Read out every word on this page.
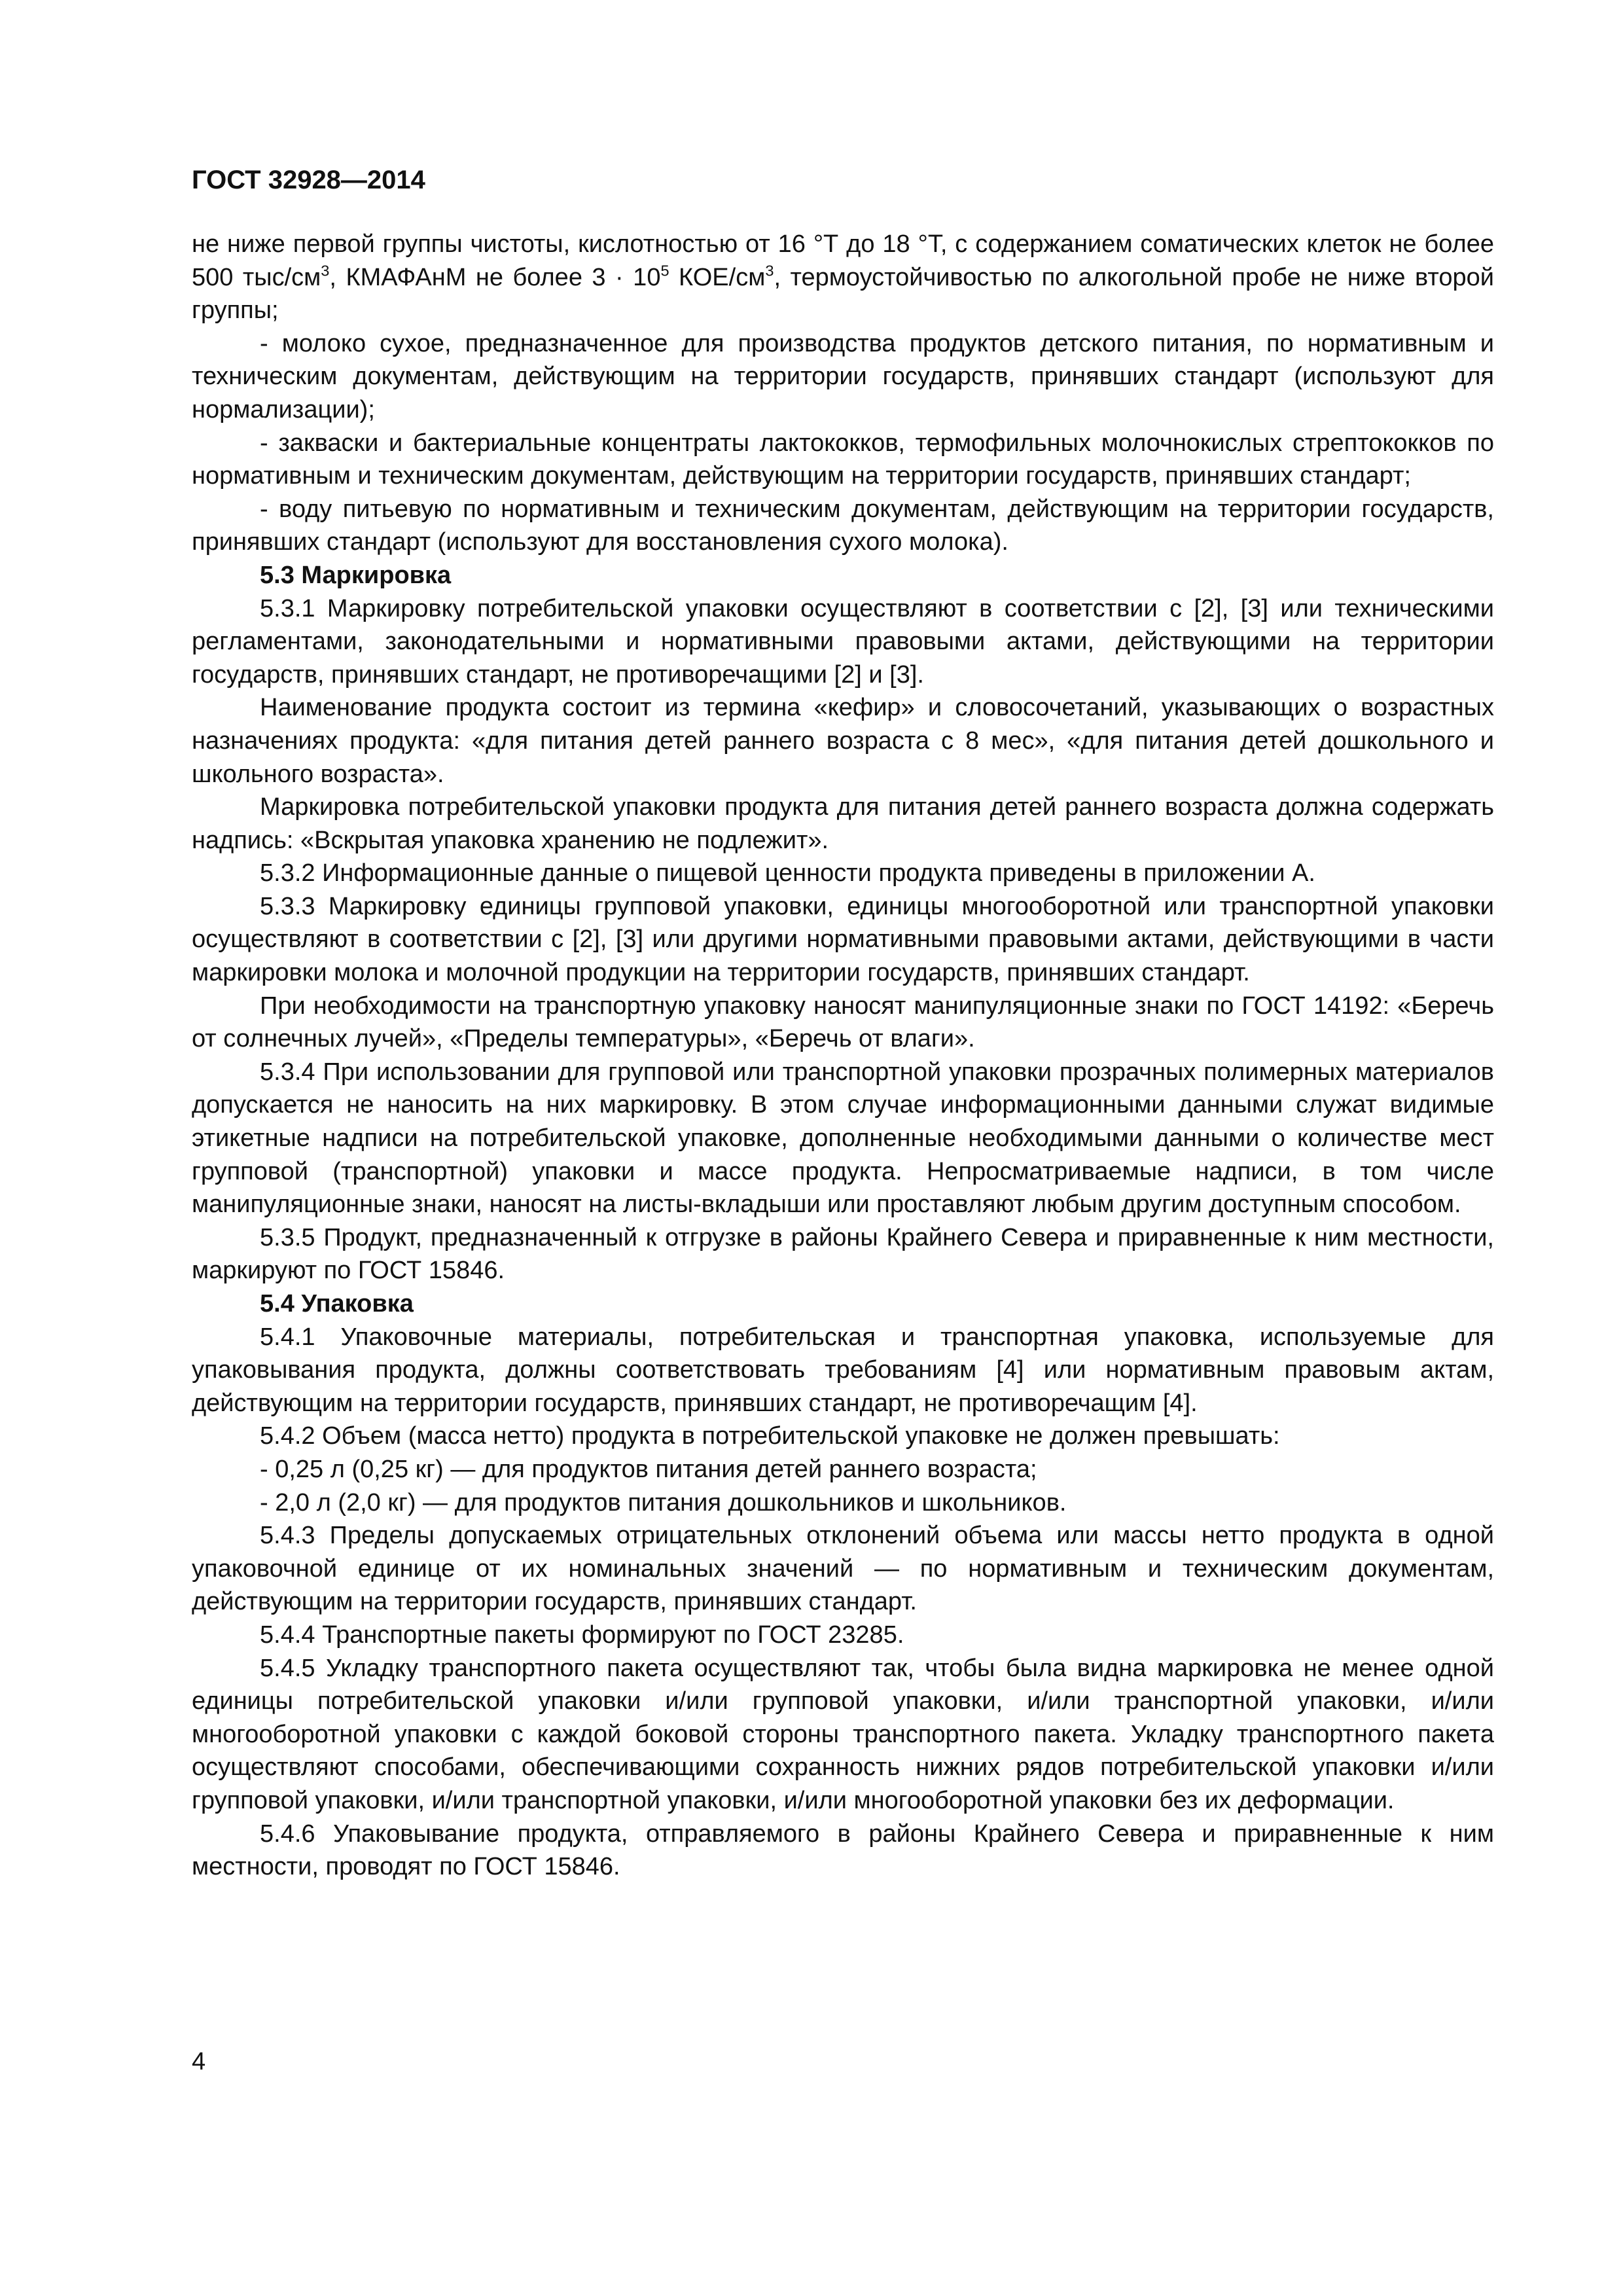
ГОСТ 32928—2014

не ниже первой группы чистоты, кислотностью от 16 °Т до 18 °Т, с содержанием соматических клеток не более 500 тыс/$см^3$, КМАФАнМ не более $3 \cdot 10^5$ КОЕ/$см^3$, термоустойчивостью по алкогольной пробе не ниже второй группы;

- молоко сухое, предназначенное для производства продуктов детского питания, по нормативным и техническим документам, действующим на территории государств, принявших стандарт (используют для нормализации);

- закваски и бактериальные концентраты лактококков, термофильных молочнокислых стрептококков по нормативным и техническим документам, действующим на территории государств, принявших стандарт;

- воду питьевую по нормативным и техническим документам, действующим на территории государств, принявших стандарт (используют для восстановления сухого молока).

5.3 Маркировка

5.3.1 Маркировку потребительской упаковки осуществляют в соответствии с [2], [3] или техническими регламентами, законодательными и нормативными правовыми актами, действующими на территории государств, принявших стандарт, не противоречащими [2] и [3].

Наименование продукта состоит из термина «кефир» и словосочетаний, указывающих о возрастных назначениях продукта: «для питания детей раннего возраста с 8 мес», «для питания детей дошкольного и школьного возраста».

Маркировка потребительской упаковки продукта для питания детей раннего возраста должна содержать надпись: «Вскрытая упаковка хранению не подлежит».

5.3.2 Информационные данные о пищевой ценности продукта приведены в приложении А.

5.3.3 Маркировку единицы групповой упаковки, единицы многооборотной или транспортной упаковки осуществляют в соответствии с [2], [3] или другими нормативными правовыми актами, действующими в части маркировки молока и молочной продукции на территории государств, принявших стандарт.

При необходимости на транспортную упаковку наносят манипуляционные знаки по ГОСТ 14192: «Беречь от солнечных лучей», «Пределы температуры», «Беречь от влаги».

5.3.4 При использовании для групповой или транспортной упаковки прозрачных полимерных материалов допускается не наносить на них маркировку. В этом случае информационными данными служат видимые этикетные надписи на потребительской упаковке, дополненные необходимыми данными о количестве мест групповой (транспортной) упаковки и массе продукта. Непросматриваемые надписи, в том числе манипуляционные знаки, наносят на листы-вкладыши или проставляют любым другим доступным способом.

5.3.5 Продукт, предназначенный к отгрузке в районы Крайнего Севера и приравненные к ним местности, маркируют по ГОСТ 15846.

5.4 Упаковка

5.4.1 Упаковочные материалы, потребительская и транспортная упаковка, используемые для упаковывания продукта, должны соответствовать требованиям [4] или нормативным правовым актам, действующим на территории государств, принявших стандарт, не противоречащим [4].

5.4.2 Объем (масса нетто) продукта в потребительской упаковке не должен превышать:

- 0,25 л (0,25 кг) — для продуктов питания детей раннего возраста;

- 2,0 л (2,0 кг) — для продуктов питания дошкольников и школьников.

5.4.3 Пределы допускаемых отрицательных отклонений объема или массы нетто продукта в одной упаковочной единице от их номинальных значений — по нормативным и техническим документам, действующим на территории государств, принявших стандарт.

5.4.4 Транспортные пакеты формируют по ГОСТ 23285.

5.4.5 Укладку транспортного пакета осуществляют так, чтобы была видна маркировка не менее одной единицы потребительской упаковки и/или групповой упаковки, и/или транспортной упаковки, и/или многооборотной упаковки с каждой боковой стороны транспортного пакета. Укладку транспортного пакета осуществляют способами, обеспечивающими сохранность нижних рядов потребительской упаковки и/или групповой упаковки, и/или транспортной упаковки, и/или многооборотной упаковки без их деформации.

5.4.6 Упаковывание продукта, отправляемого в районы Крайнего Севера и приравненные к ним местности, проводят по ГОСТ 15846.

4
